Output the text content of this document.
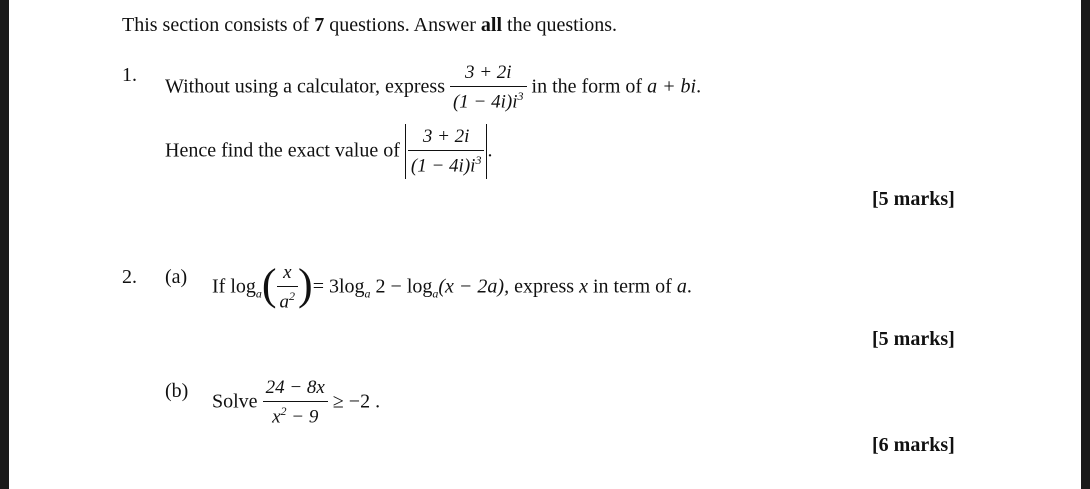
This section consists of 7 questions. Answer all the questions.
1.
Without using a calculator, express $\frac{3 + 2i}{(1 - 4i)i^3}$ in the form of a + bi.
Hence find the exact value of $\frac{3 + 2i}{(1 - 4i)i^3}$ .
[5 marks]
2. (a) If $\log_a( \frac{x}{a^2}$ )= $3\log_a$ $2 - \log_a(x - 2a)$, express x in term of a.
[5 marks]
(b) Solve $\frac{24 - 8x}{x^2 - 9} \ge -2$ .
[6 marks]
